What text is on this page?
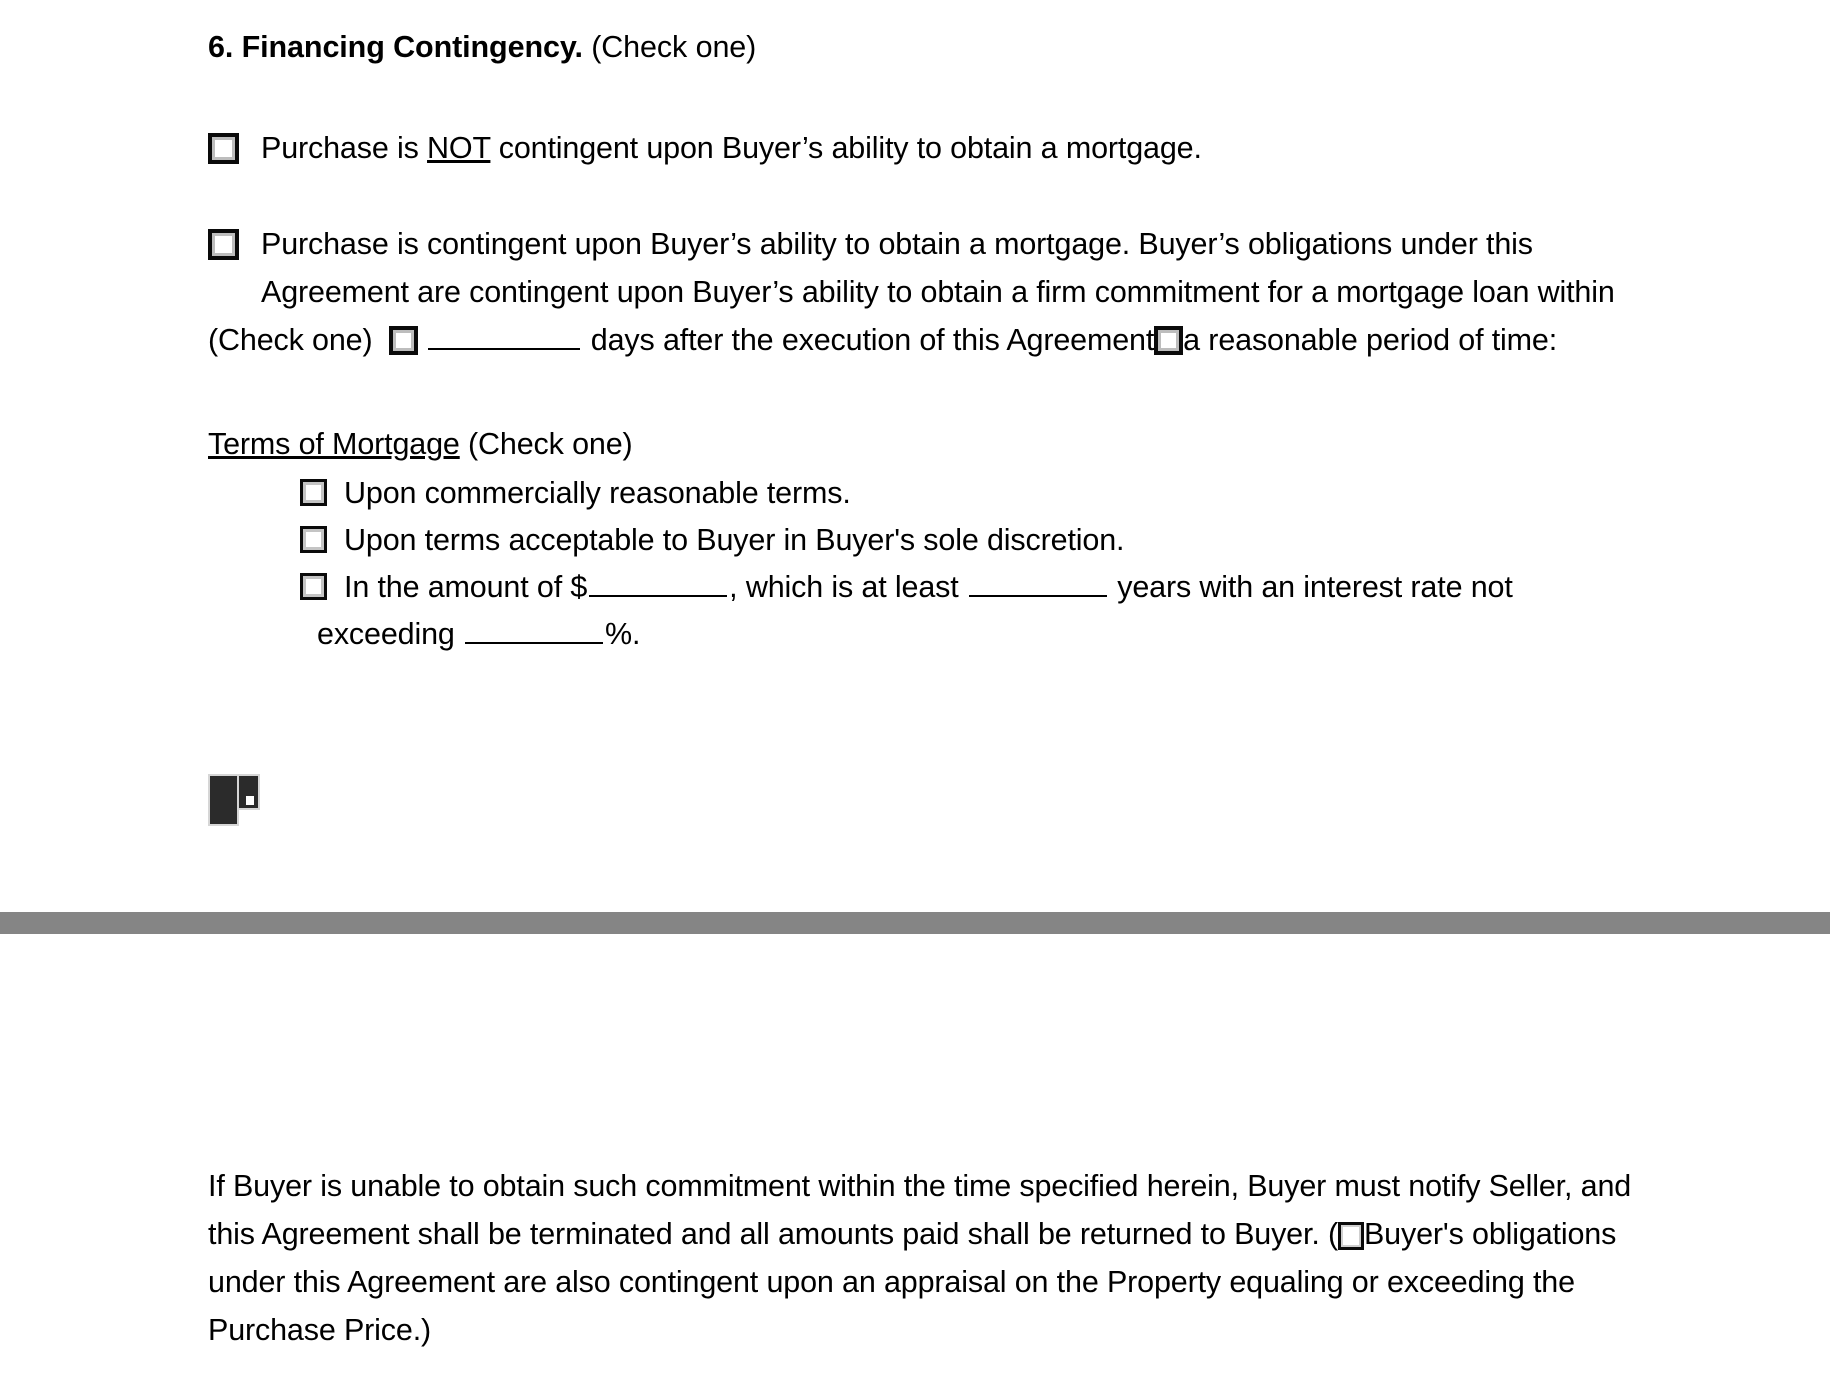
6. Financing Contingency. (Check one)
Purchase is NOT contingent upon Buyer’s ability to obtain a mortgage.
Purchase is contingent upon Buyer’s ability to obtain a mortgage. Buyer’s obligations under this Agreement are contingent upon Buyer’s ability to obtain a firm commitment for a mortgage loan within
(Check one)	days after the execution of this Agreement a reasonable period of time:
Terms of Mortgage (Check one)
Upon commercially reasonable terms.
Upon terms acceptable to Buyer in Buyer's sole discretion.
In the amount of $	, which is at least	years with an interest rate not
exceeding	%.
If Buyer is unable to obtain such commitment within the time specified herein, Buyer must notify Seller, and this Agreement shall be terminated and all amounts paid shall be returned to Buyer. ( Buyer's obligations under this Agreement are also contingent upon an appraisal on the Property equaling or exceeding the Purchase Price.)
